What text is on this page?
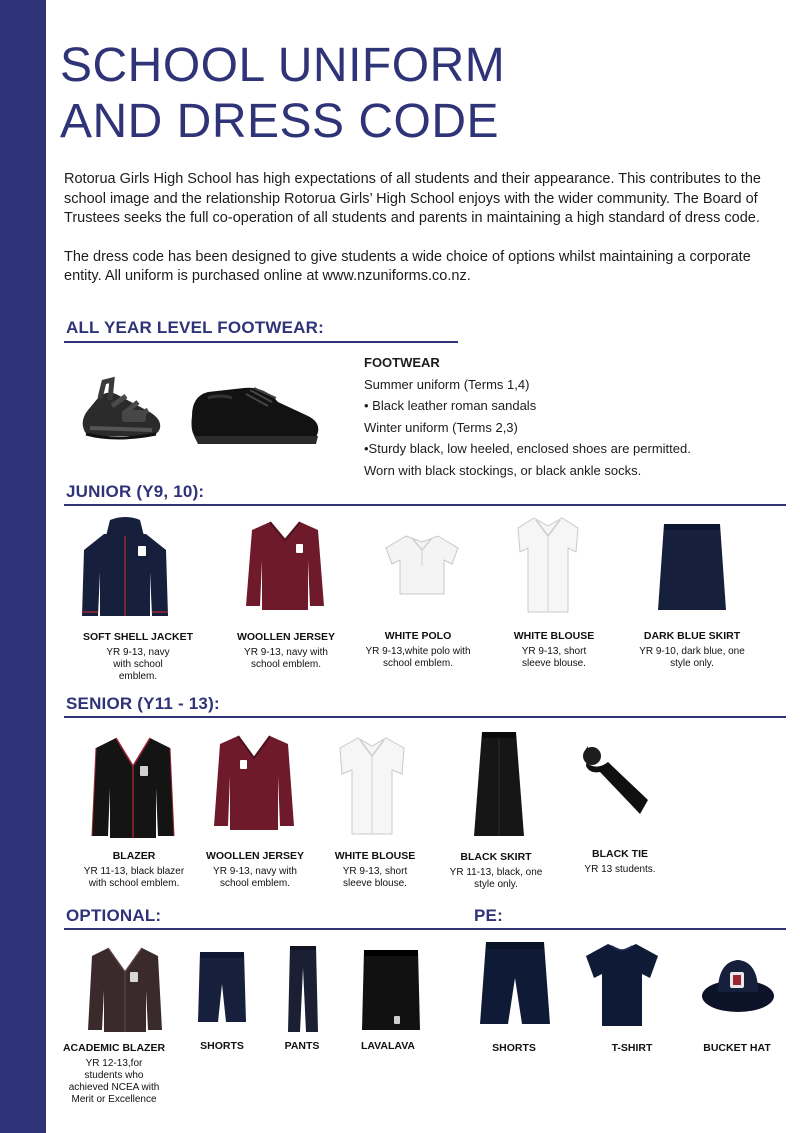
SCHOOL UNIFORM
AND DRESS CODE

Rotorua Girls High School has high expectations of all students and their appearance. This contributes to the school image and the relationship Rotorua Girls’ High School enjoys with the wider community. The Board of Trustees seeks the full co-operation of all students and parents in maintaining a high standard of dress code.

The dress code has been designed to give students a wide choice of options whilst maintaining a corporate entity. All uniform is purchased online at www.nzuniforms.co.nz.

ALL YEAR LEVEL FOOTWEAR:
FOOTWEAR
Summer uniform (Terms 1,4)
• Black leather roman sandals
Winter uniform (Terms 2,3)
•Sturdy black, low heeled, enclosed shoes are permitted.
Worn with black stockings, or black ankle socks.
JUNIOR (Y9, 10):
SOFT SHELL JACKET
YR 9-13, navy with school emblem.
WOOLLEN JERSEY
YR 9-13, navy with school emblem.
WHITE POLO
YR 9-13,white polo with school emblem.
WHITE BLOUSE
YR 9-13, short sleeve blouse.
DARK BLUE SKIRT
YR 9-10, dark blue, one style only.
SENIOR (Y11 - 13):
BLAZER
YR 11-13, black blazer with school emblem.
WOOLLEN JERSEY
YR 9-13, navy with school emblem.
WHITE BLOUSE
YR 9-13, short sleeve blouse.
BLACK SKIRT
YR 11-13, black, one style only.
BLACK TIE
YR 13 students.
OPTIONAL:	PE:
ACADEMIC BLAZER
YR 12-13,for students who achieved NCEA with Merit or Excellence
SHORTS	PANTS	LAVALAVA	SHORTS	T-SHIRT	BUCKET HAT
